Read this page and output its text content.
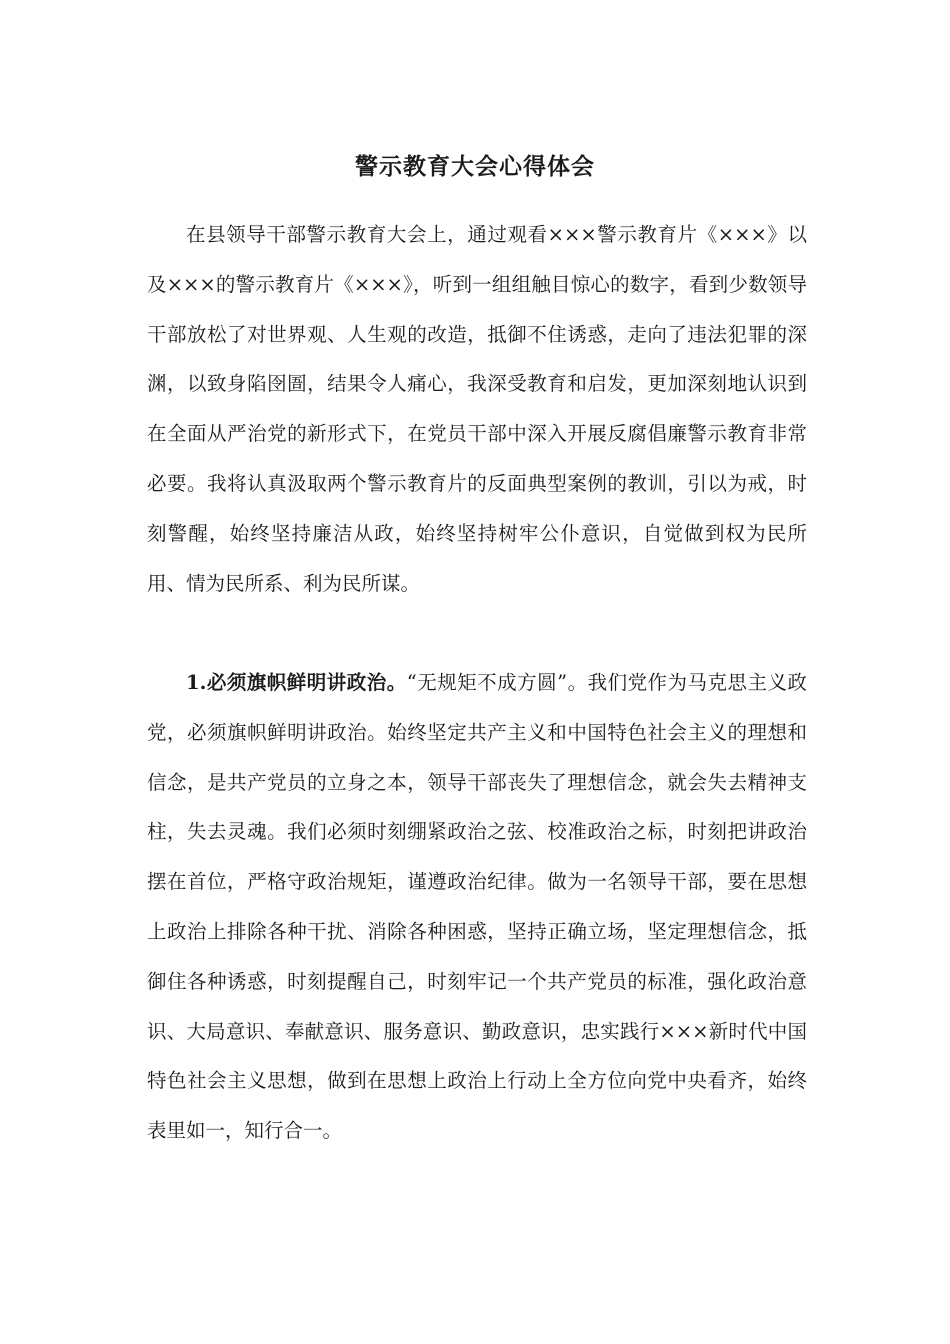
警示教育大会心得体会

在县领导干部警示教育大会上，通过观看×××警示教育片《×××》以及×××的警示教育片《×××》，听到一组组触目惊心的数字，看到少数领导干部放松了对世界观、人生观的改造，抵御不住诱惑，走向了违法犯罪的深渊，以致身陷囹圄，结果令人痛心，我深受教育和启发，更加深刻地认识到在全面从严治党的新形式下，在党员干部中深入开展反腐倡廉警示教育非常必要。我将认真汲取两个警示教育片的反面典型案例的教训，引以为戒，时刻警醒，始终坚持廉洁从政，始终坚持树牢公仆意识，自觉做到权为民所用、情为民所系、利为民所谋。

1.必须旗帜鲜明讲政治。“无规矩不成方圆”。我们党作为马克思主义政党，必须旗帜鲜明讲政治。始终坚定共产主义和中国特色社会主义的理想和信念，是共产党员的立身之本，领导干部丧失了理想信念，就会失去精神支柱，失去灵魂。我们必须时刻绷紧政治之弦、校准政治之标，时刻把讲政治摆在首位，严格守政治规矩，谨遵政治纪律。做为一名领导干部，要在思想上政治上排除各种干扰、消除各种困惑，坚持正确立场，坚定理想信念，抵御住各种诱惑，时刻提醒自己，时刻牢记一个共产党员的标准，强化政治意识、大局意识、奉献意识、服务意识、勤政意识，忠实践行×××新时代中国特色社会主义思想，做到在思想上政治上行动上全方位向党中央看齐，始终表里如一，知行合一。
